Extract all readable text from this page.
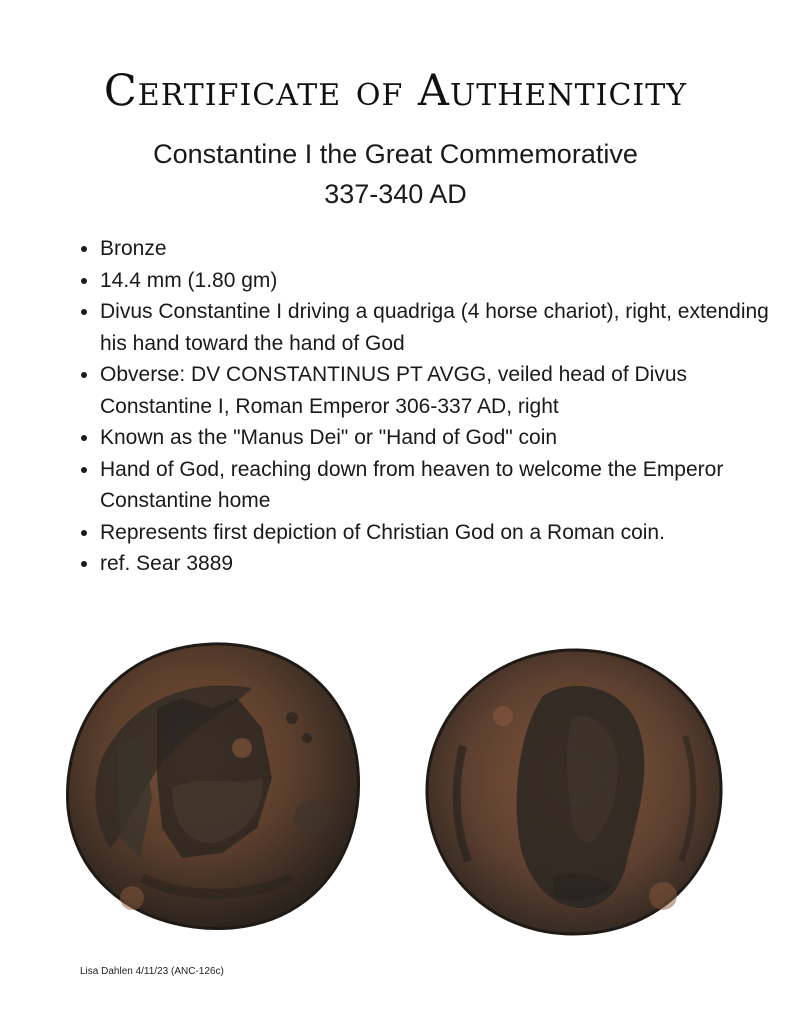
Certificate of Authenticity
Constantine I the Great Commemorative
337-340 AD
• Bronze
• 14.4 mm (1.80 gm)
• Divus Constantine I driving a quadriga (4 horse chariot), right, extending his hand toward the hand of God
• Obverse: DV CONSTANTINUS PT AVGG, veiled head of Divus Constantine I, Roman Emperor 306-337 AD, right
• Known as the "Manus Dei" or "Hand of God" coin
• Hand of God, reaching down from heaven to welcome the Emperor Constantine home
• Represents first depiction of Christian God on a Roman coin.
• ref. Sear 3889
Lisa Dahlen 4/11/23 (ANC-126c)
